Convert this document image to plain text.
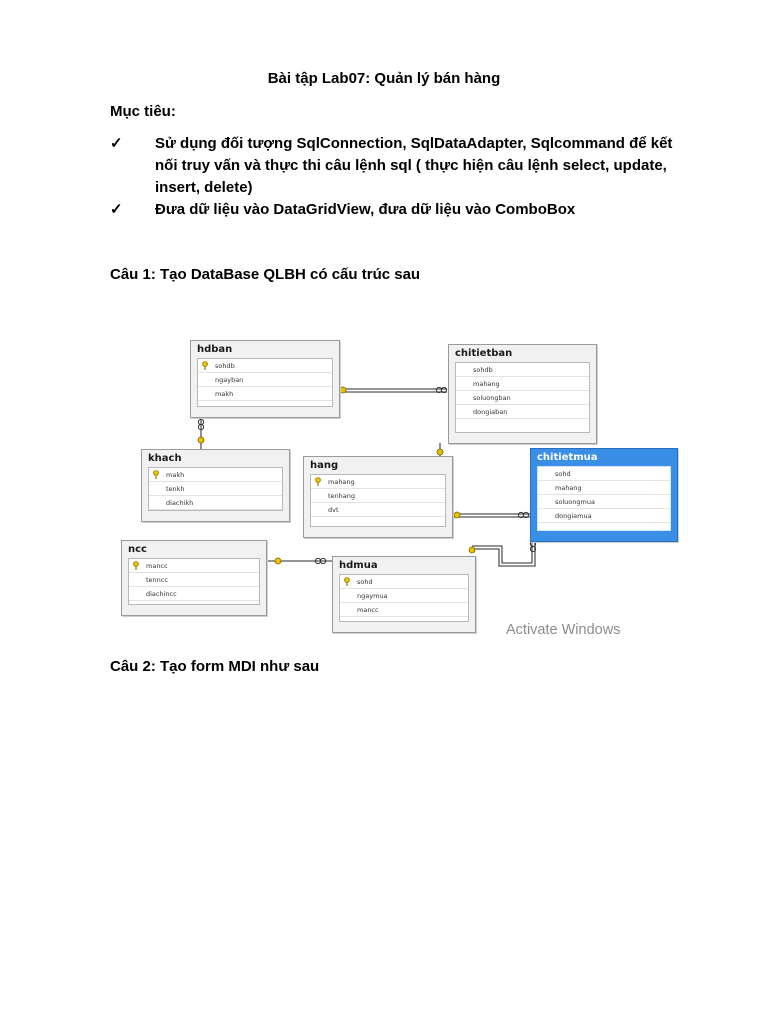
Bài tập Lab07: Quản lý bán hàng
Mục tiêu:
✓	Sử dụng đối tượng SqlConnection, SqlDataAdapter, Sqlcommand để kết nối truy vấn và thực thi câu lệnh sql ( thực hiện câu lệnh select, update, insert, delete)
✓	Đưa dữ liệu vào DataGridView, đưa dữ liệu vào ComboBox
Câu 1: Tạo DataBase QLBH có cấu trúc sau
hdban
sohdb
ngayban
makh
chitietban
sohdb
mahang
soluongban
dongiaban
khach
makh
tenkh
diachikh
hang
mahang
tenhang
dvt
chitietmua
sohd
mahang
soluongmua
dongiamua
ncc
mancc
tenncc
diachincc
hdmua
sohd
ngaymua
mancc
Activate Windows
Câu 2: Tạo form MDI như sau
